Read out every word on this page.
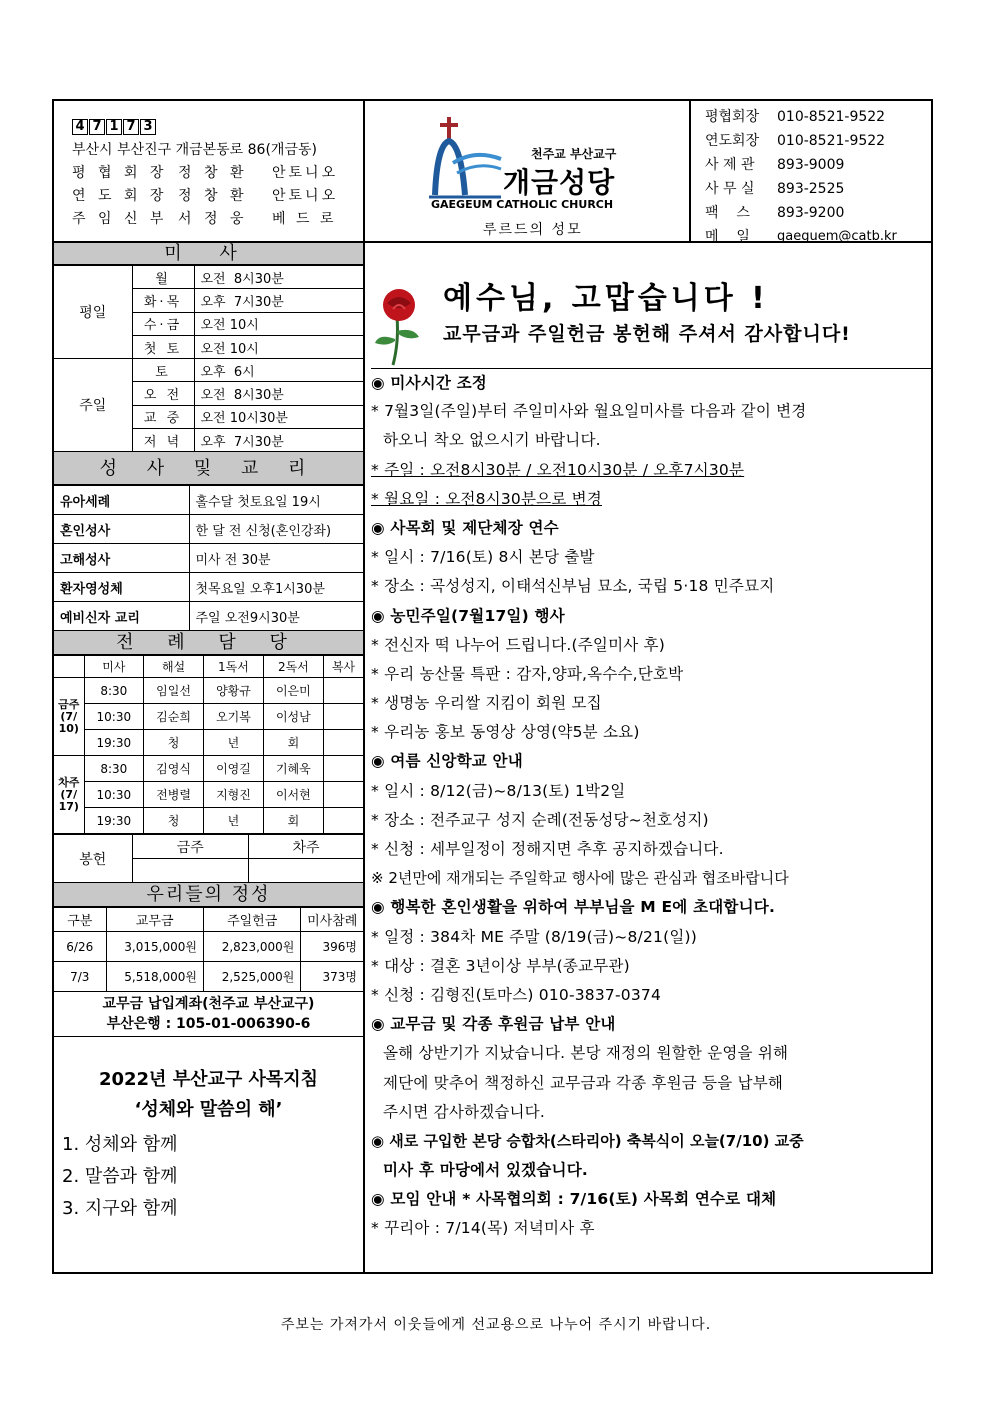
4 7 1 7 3
부산시 부산진구 개금본동로 86(개금동)
평 협 회 장 정 창 환	안토니오
연 도 회 장 정 창 환	안토니오
주 임 신 부 서 정 웅	베 드 로
천주교 부산교구
개금성당
GAEGEUM CATHOLIC CHURCH
루르드의 성모
평협회장	010-8521-9522
연도회장	010-8521-9522
사 제 관	893-9009
사 무 실	893-2525
팩    스	893-9200
메    일	gaeguem@catb.kr
미 사
평일	월	오전  8시30분
	화·목	오후  7시30분
	수·금	오전 10시
	첫 토	오전 10시
주일	토	오후  6시
	오 전	오전  8시30분
	교 중	오전 10시30분
	저 녁	오후  7시30분
성 사 및 교 리
유아세례	홀수달 첫토요일 19시
혼인성사	한 달 전 신청(혼인강좌)
고해성사	미사 전 30분
환자영성체	첫목요일 오후1시30분
예비신자 교리	주일 오전9시30분
전 례 담 당
	미사	해설	1독서	2독서	복사
금주 (7/ 10)	8:30	임일선	양황규	이은미	
	10:30	김순희	오기복	이성남	
	19:30	청	년	회	
차주 (7/ 17)	8:30	김영식	이영길	기혜욱	
	10:30	전병렬	지형진	이서현	
	19:30	청	년	회	
봉헌	금주	차주

우리들의 정성
구분	교무금	주일헌금	미사참례
6/26	3,015,000원	2,823,000원	396명
7/3	5,518,000원	2,525,000원	373명
교무금 납입계좌(천주교 부산교구)
부산은행 : 105-01-006390-6
2022년 부산교구 사목지침
‘성체와 말씀의 해’
1. 성체와 함께
2. 말씀과 함께
3. 지구와 함께
예수님, 고맙습니다 !
교무금과 주일헌금 봉헌해 주셔서 감사합니다!
◉ 미사시간 조정
* 7월3일(주일)부터 주일미사와 월요일미사를 다음과 같이 변경
하오니 착오 없으시기 바랍니다.
* 주일 : 오전8시30분 / 오전10시30분 / 오후7시30분
* 월요일 : 오전8시30분으로 변경
◉ 사목회 및 제단체장 연수
* 일시 : 7/16(토) 8시 본당 출발
* 장소 : 곡성성지, 이태석신부님 묘소, 국립 5·18 민주묘지
◉ 농민주일(7월17일) 행사
* 전신자 떡 나누어 드립니다.(주일미사 후)
* 우리 농산물 특판 : 감자,양파,옥수수,단호박
* 생명농 우리쌀 지킴이 회원 모집
* 우리농 홍보 동영상 상영(약5분 소요)
◉ 여름 신앙학교 안내
* 일시 : 8/12(금)~8/13(토) 1박2일
* 장소 : 전주교구 성지 순례(전동성당~천호성지)
* 신청 : 세부일정이 정해지면 추후 공지하겠습니다.
※ 2년만에 재개되는 주일학교 행사에 많은 관심과 협조바랍니다
◉ 행복한 혼인생활을 위하여 부부님을 M E에 초대합니다.
* 일정 : 384차 ME 주말 (8/19(금)~8/21(일))
* 대상 : 결혼 3년이상 부부(종교무관)
* 신청 : 김형진(토마스) 010-3837-0374
◉ 교무금 및 각종 후원금 납부 안내
올해 상반기가 지났습니다. 본당 재정의 원할한 운영을 위해
제단에 맞추어 책정하신 교무금과 각종 후원금 등을 납부해
주시면 감사하겠습니다.
◉ 새로 구입한 본당 승합차(스타리아) 축복식이 오늘(7/10) 교중
미사 후 마당에서 있겠습니다.
◉ 모임 안내 * 사목협의회 : 7/16(토) 사목회 연수로 대체
* 꾸리아 : 7/14(목) 저녁미사 후
주보는 가져가서 이웃들에게 선교용으로 나누어 주시기 바랍니다.
